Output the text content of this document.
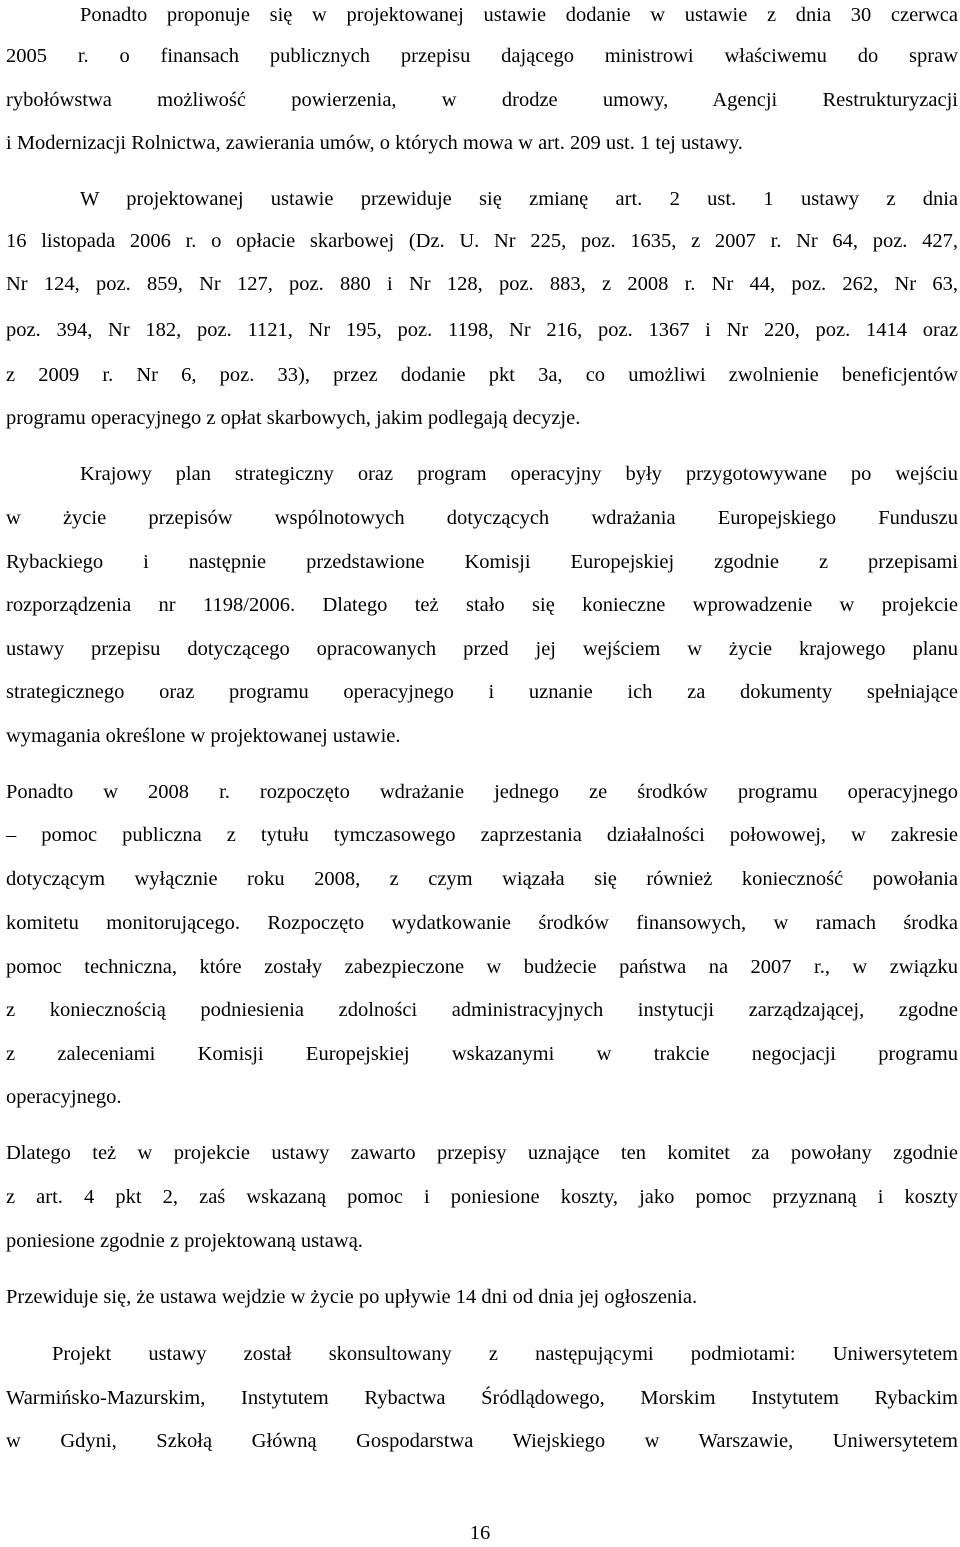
Ponadto proponuje się w projektowanej ustawie dodanie w ustawie z dnia 30 czerwca
2005 r. o finansach publicznych przepisu dającego ministrowi właściwemu do spraw
rybołówstwa możliwość powierzenia, w drodze umowy, Agencji Restrukturyzacji
i Modernizacji Rolnictwa, zawierania umów, o których mowa w art. 209 ust. 1 tej ustawy.
W projektowanej ustawie przewiduje się zmianę art. 2 ust. 1 ustawy z dnia
16 listopada 2006 r. o opłacie skarbowej (Dz. U. Nr 225, poz. 1635, z 2007 r. Nr 64, poz. 427,
Nr 124, poz. 859, Nr 127, poz. 880 i Nr 128, poz. 883, z 2008 r. Nr 44, poz. 262, Nr 63,
poz. 394, Nr 182, poz. 1121, Nr 195, poz. 1198, Nr 216, poz. 1367 i Nr 220, poz. 1414 oraz
z 2009 r. Nr 6, poz. 33), przez dodanie pkt 3a, co umożliwi zwolnienie beneficjentów
programu operacyjnego z opłat skarbowych, jakim podlegają decyzje.
Krajowy plan strategiczny oraz program operacyjny były przygotowywane po wejściu
w życie przepisów wspólnotowych dotyczących wdrażania Europejskiego Funduszu
Rybackiego i następnie przedstawione Komisji Europejskiej zgodnie z przepisami
rozporządzenia nr 1198/2006. Dlatego też stało się konieczne wprowadzenie w projekcie
ustawy przepisu dotyczącego opracowanych przed jej wejściem w życie krajowego planu
strategicznego oraz programu operacyjnego i uznanie ich za dokumenty spełniające
wymagania określone w projektowanej ustawie.
Ponadto w 2008 r. rozpoczęto wdrażanie jednego ze środków programu operacyjnego
– pomoc publiczna z tytułu tymczasowego zaprzestania działalności połowowej, w zakresie
dotyczącym wyłącznie roku 2008, z czym wiązała się również konieczność powołania
komitetu monitorującego. Rozpoczęto wydatkowanie środków finansowych, w ramach środka
pomoc techniczna, które zostały zabezpieczone w budżecie państwa na 2007 r., w związku
z koniecznością podniesienia zdolności administracyjnych instytucji zarządzającej, zgodne
z zaleceniami Komisji Europejskiej wskazanymi w trakcie negocjacji programu
operacyjnego.
Dlatego też w projekcie ustawy zawarto przepisy uznające ten komitet za powołany zgodnie
z art. 4 pkt 2, zaś wskazaną pomoc i poniesione koszty, jako pomoc przyznaną i koszty
poniesione zgodnie z projektowaną ustawą.
Przewiduje się, że ustawa wejdzie w życie po upływie 14 dni od dnia jej ogłoszenia.
Projekt ustawy został skonsultowany z następującymi podmiotami: Uniwersytetem
Warmińsko-Mazurskim, Instytutem Rybactwa Śródlądowego, Morskim Instytutem Rybackim
w Gdyni, Szkołą Główną Gospodarstwa Wiejskiego w Warszawie, Uniwersytetem
16
